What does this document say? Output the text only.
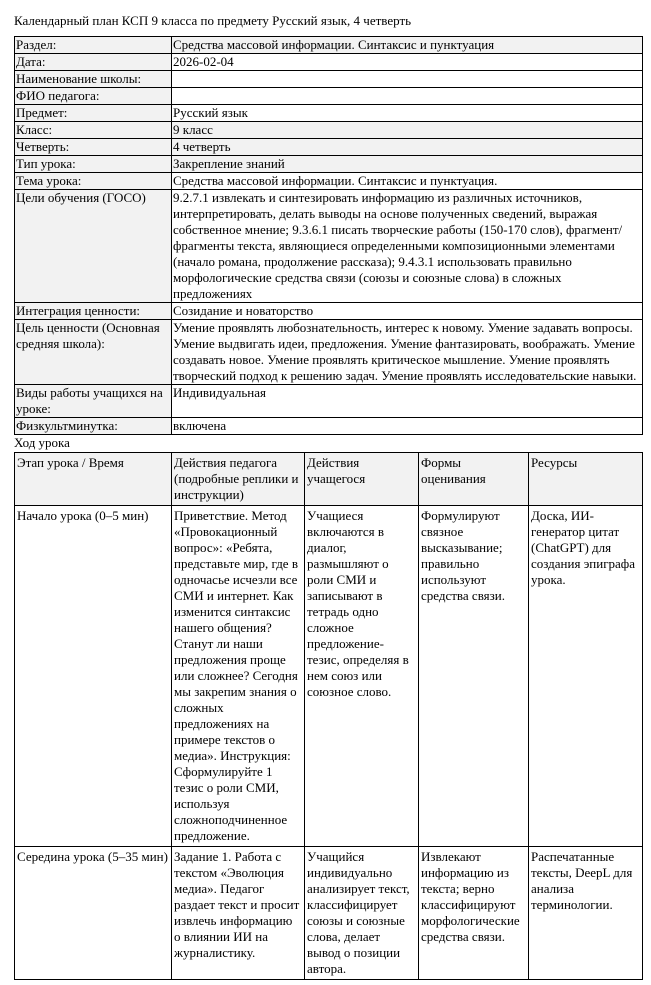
Календарный план КСП 9 класса по предмету Русский язык, 4 четверть
Раздел:	Средства массовой информации. Синтаксис и пунктуация
Дата:	2026-02-04
Наименование школы:	
ФИО педагога:	
Предмет:	Русский язык
Класс:	9 класс
Четверть:	4 четверть
Тип урока:	Закрепление знаний
Тема урока:	Средства массовой информации. Синтаксис и пунктуация.
Цели обучения (ГОСО)	9.2.7.1 извлекать и синтезировать информацию из различных источников, интерпретировать, делать выводы на основе полученных сведений, выражая собственное мнение; 9.3.6.1 писать творческие работы (150-170 слов), фрагмент/фрагменты текста, являющиеся определенными композиционными элементами (начало романа, продолжение рассказа); 9.4.3.1 использовать правильно морфологические средства связи (союзы и союзные слова) в сложных предложениях
Интеграция ценности:	Созидание и новаторство
Цель ценности (Основная средняя школа):	Умение проявлять любознательность, интерес к новому. Умение задавать вопросы. Умение выдвигать идеи, предложения. Умение фантазировать, воображать. Умение создавать новое. Умение проявлять критическое мышление. Умение проявлять творческий подход к решению задач. Умение проявлять исследовательские навыки.
Виды работы учащихся на уроке:	Индивидуальная
Физкультминутка:	включена
Ход урока
Этап урока / Время	Действия педагога (подробные реплики и инструкции)	Действия учащегося	Формы оценивания	Ресурсы
Начало урока (0–5 мин)	Приветствие. Метод «Провокационный вопрос»: «Ребята, представьте мир, где в одночасье исчезли все СМИ и интернет. Как изменится синтаксис нашего общения? Станут ли наши предложения проще или сложнее? Сегодня мы закрепим знания о сложных предложениях на примере текстов о медиа». Инструкция: Сформулируйте 1 тезис о роли СМИ, используя сложноподчиненное предложение.	Учащиеся включаются в диалог, размышляют о роли СМИ и записывают в тетрадь одно сложное предложение-тезис, определяя в нем союз или союзное слово.	Формулируют связное высказывание; правильно используют средства связи.	Доска, ИИ-генератор цитат (ChatGPT) для создания эпиграфа урока.
Середина урока (5–35 мин)	Задание 1. Работа с текстом «Эволюция медиа». Педагог раздает текст и просит извлечь информацию о влиянии ИИ на журналистику.	Учащийся индивидуально анализирует текст, классифицирует союзы и союзные слова, делает вывод о позиции автора.	Извлекают информацию из текста; верно классифицируют морфологические средства связи.	Распечатанные тексты, DeepL для анализа терминологии.
